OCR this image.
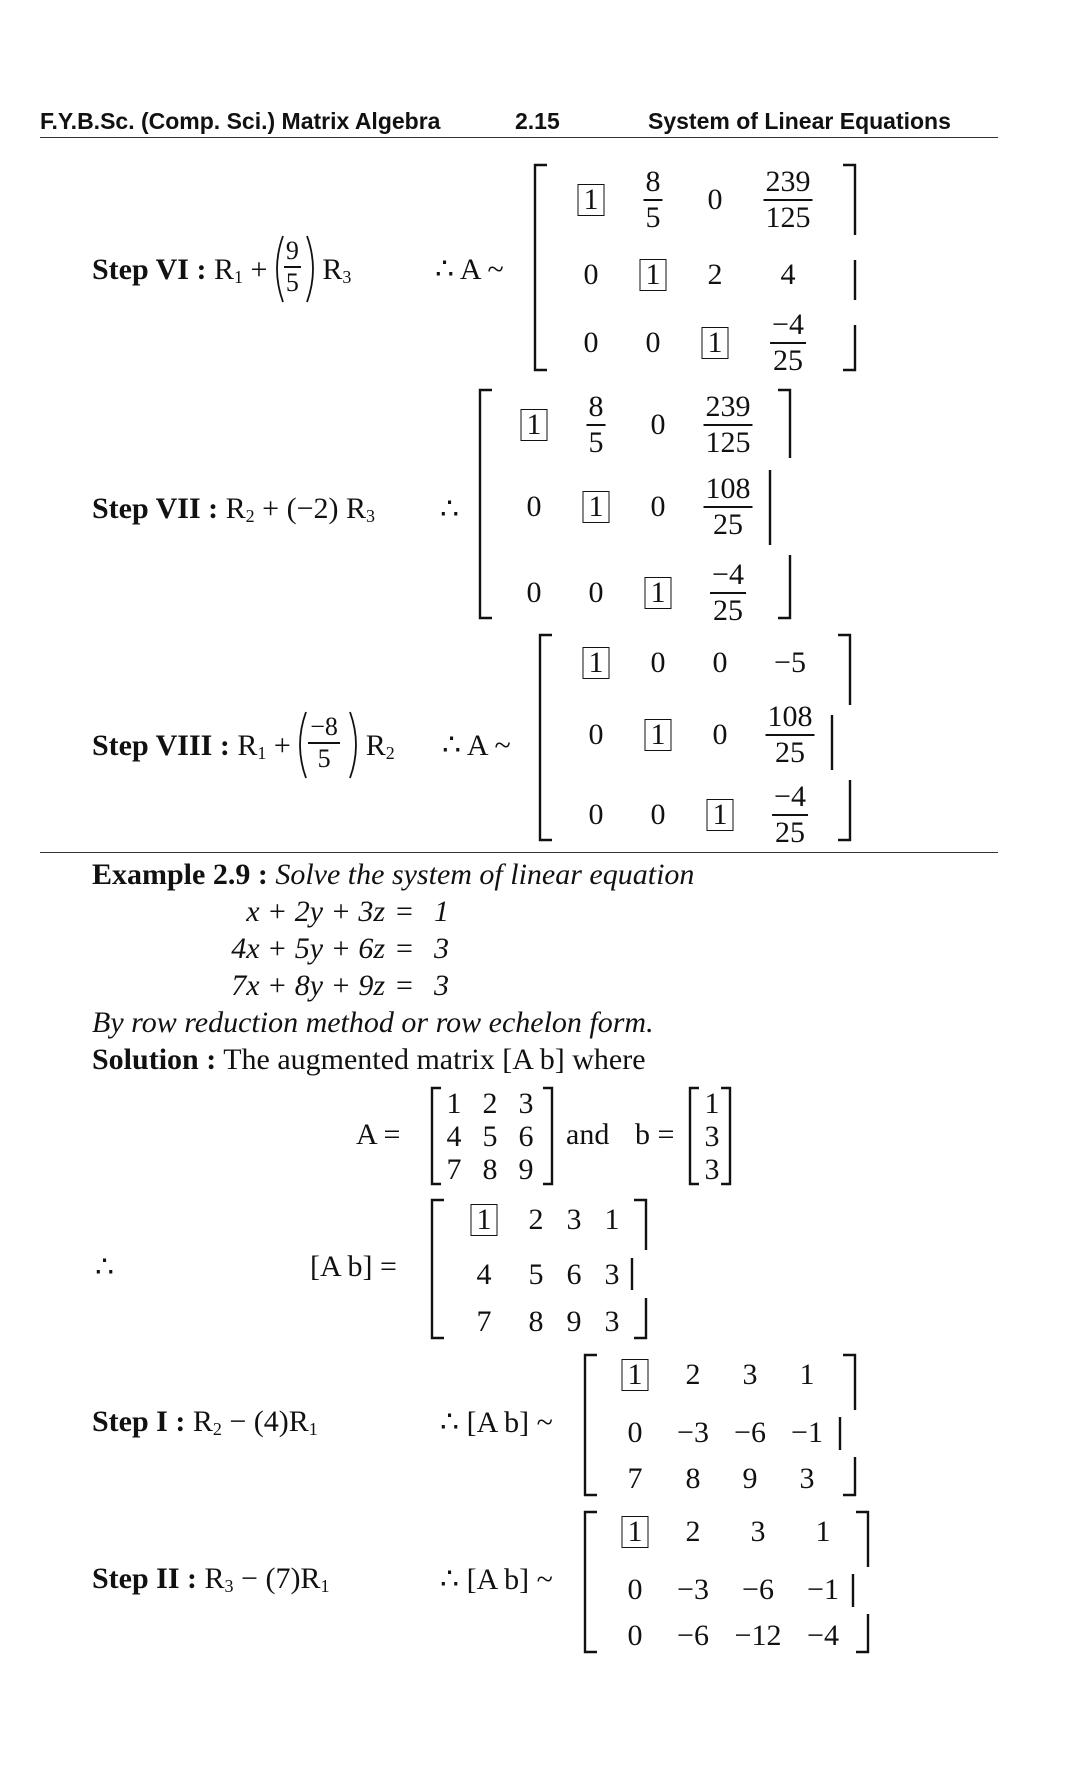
F.Y.B.Sc. (Comp. Sci.) Matrix Algebra	2.15	System of Linear Equations
Step VI : $R_1 + \frac{9}{5} R_3$	∴ A ~
$1 \frac{8}{5} 0 \frac{239}{125}$
0 1 2 4
0 0 $1 \frac{-4}{25}$
Step VII : $R_2 + (-2)$ $R_3$ ∴
$1 \frac{8}{5} 0 \frac{239}{125}$
0 1 $0 \frac{108}{25}$
0 0 $1 \frac{-4}{25}$
Step VIII : $R_1 + \frac{-8}{5} R_2$ ∴ A ~
1 0 0 −5
0 1 $0 \frac{108}{25}$
0 0 $1 \frac{-4}{25}$
Example 2.9 : Solve the system of linear equation
x + 2y + 3z = 1
4x + 5y + 6z = 3
7x + 8y + 9z = 3
By row reduction method or row echelon form.
Solution : The augmented matrix [A b] where
A =
1 2 3
4 5 6
7 8 9
and b =
1
3
3
∴	[A b] =
1 2 3 1
4 5 6 3
7 8 9 3
Step I : $R_2 - (4)R_1$	∴ [A b] ~
1 2 3 1
0 −3 −6 −1
7 8 9 3
Step II : $R_3 - (7)R_1$	∴ [A b] ~
1 2 3 1
0 −3 −6 −1
0 −6 −12 −4
